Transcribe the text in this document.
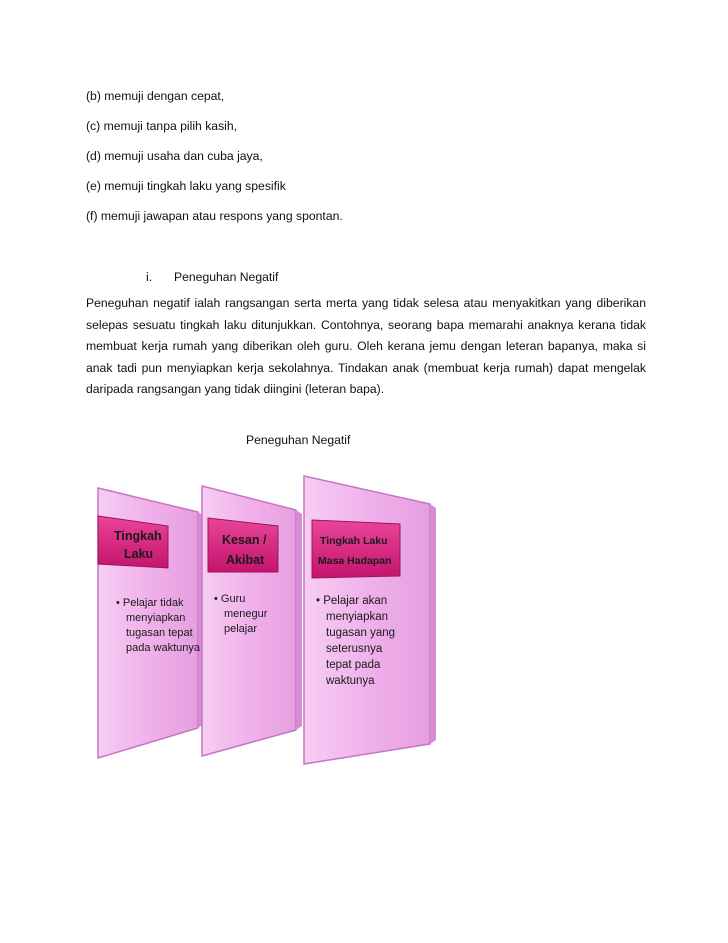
(b) memuji dengan cepat,
(c) memuji tanpa pilih kasih,
(d) memuji usaha dan cuba jaya,
(e) memuji tingkah laku yang spesifik
(f) memuji jawapan atau respons yang spontan.
i. Peneguhan Negatif
Peneguhan negatif ialah rangsangan serta merta yang tidak selesa atau menyakitkan yang diberikan selepas sesuatu tingkah laku ditunjukkan. Contohnya, seorang bapa memarahi anaknya kerana tidak membuat kerja rumah yang diberikan oleh guru. Oleh kerana jemu dengan leteran bapanya, maka si anak tadi pun menyiapkan kerja sekolahnya. Tindakan anak (membuat kerja rumah) dapat mengelak daripada rangsangan yang tidak diingini (leteran bapa).
Peneguhan Negatif
Tingkah
Laku
• Pelajar tidak
menyiapkan
tugasan tepat
pada waktunya
Kesan /
Akibat
• Guru
menegur
pelajar
Tingkah Laku
Masa Hadapan
• Pelajar akan
menyiapkan
tugasan yang
seterusnya
tepat pada
waktunya
